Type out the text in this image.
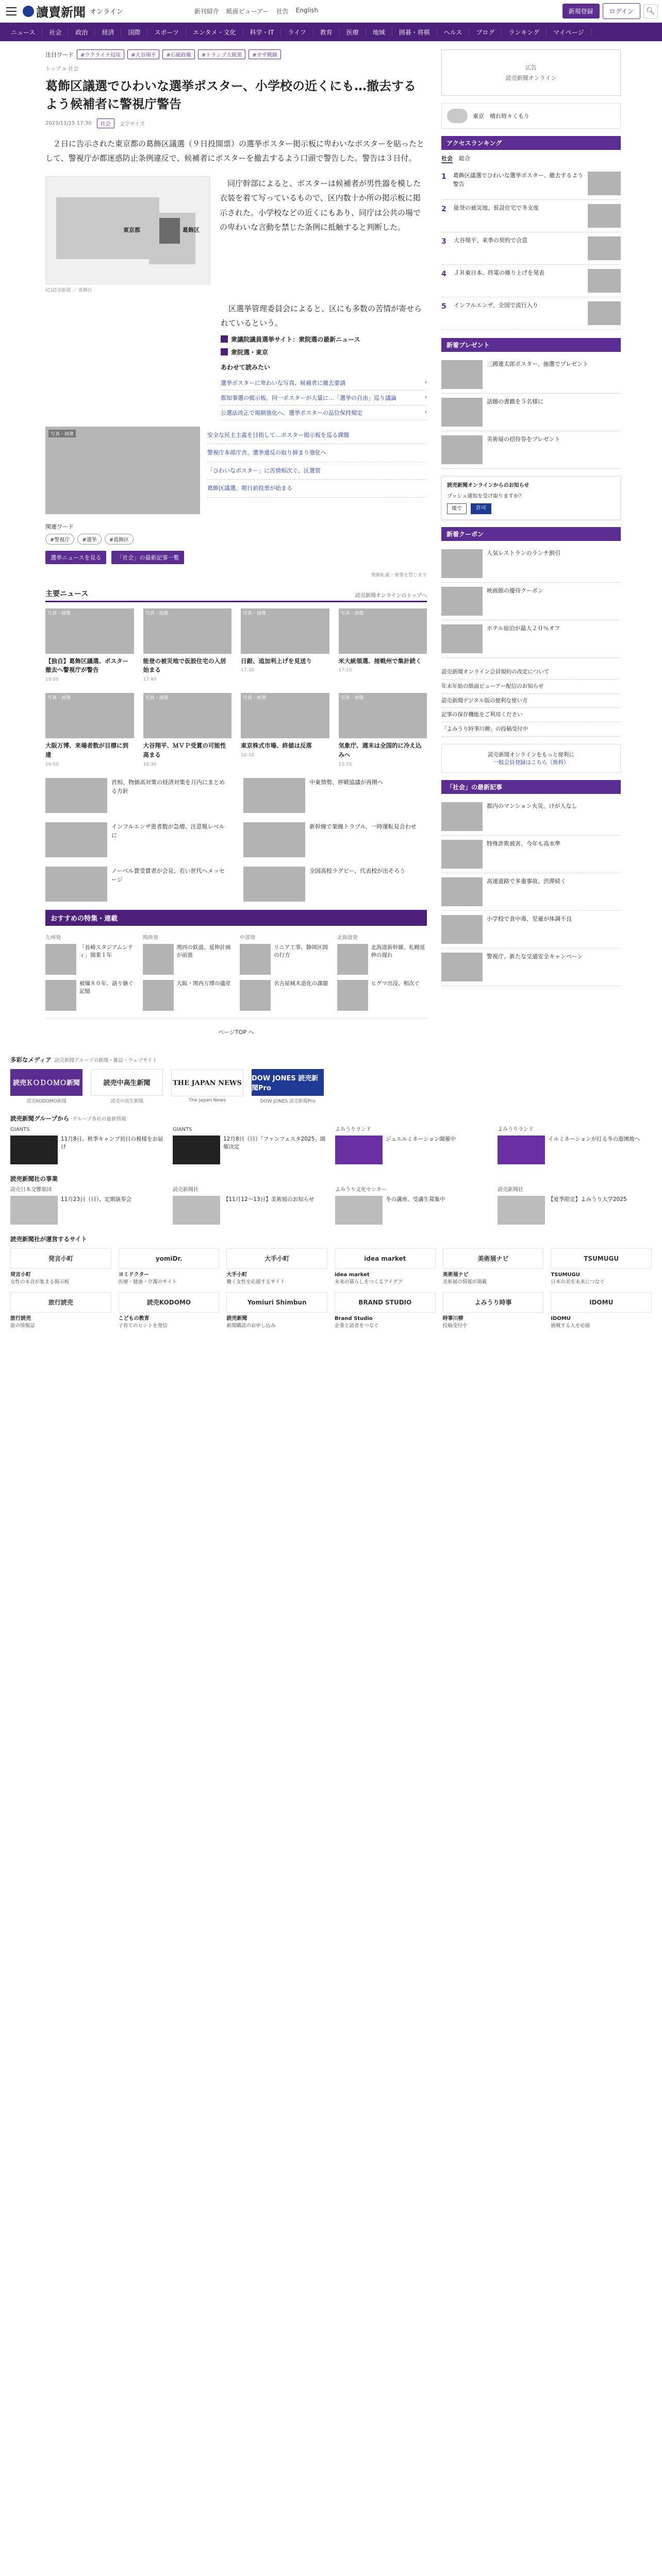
讀賣新聞 オンライン	新刊紹介 紙面ビューアー 社告 English	新規登録	ログイン	🔍︎
ニュース	社会	政治	経済	国際	スポーツ	エンタメ・文化	科学・IT	ライフ	教育	医療	地域	囲碁・将棋	ヘルス	ブログ	ランキング	マイページ
注目ワード	#ウクライナ侵攻	#大谷翔平	#石破政権	#トランプ大統領	#ガザ戦闘
トップ > 社会
葛飾区議選でひわいな選挙ポスター、小学校の近くにも…撤去するよう候補者に警視庁警告
2023/11/15 17:30	社会	文字サイズ

　２日に告示された東京都の葛飾区議選（９日投開票）の選挙ポスター掲示板に卑わいなポスターを貼ったとして、警視庁が都迷惑防止条例違反で、候補者にポスターを撤去するよう口頭で警告した。警告は３日付。

東京都	葛飾区
(C)読売新聞 ／ 葛飾区

　同庁幹部によると、ポスターは候補者が男性器を模した衣装を着て写っているもので、区内数十か所の掲示板に掲示された。小学校などの近くにもあり、同庁は公共の場での卑わいな言動を禁じた条例に抵触すると判断した。

　区選挙管理委員会によると、区にも多数の苦情が寄せられているという。

衆議院議員選挙サイト：衆院選の最新ニュース
衆院選・東京
あわせて読みたい
選挙ポスターに卑わいな写真、候補者に撤去要請	›
都知事選の掲示板、同一ポスターが大量に…「選挙の自由」巡り議論	›
公選法改正で規制強化へ、選挙ポスターの品位保持規定	›
写真・画像	安全な民主主義を目指して…ポスター掲示板を巡る課題
警視庁本部庁舎、選挙違反の取り締まり強化へ
「ひわいなポスター」に苦情相次ぐ、区選管
葛飾区議選、期日前投票が始まる
関連ワード
#警視庁	#選挙	#葛飾区
選挙ニュースを見る	「社会」の最新記事一覧
無断転載・複製を禁じます
主要ニュース	読売新聞オンラインのトップへ
写真・画像
【独自】葛飾区議選、ポスター撤去へ警視庁が警告
18:00
写真・画像
能登の被災地で仮設住宅の入居始まる
17:40
写真・画像
日銀、追加利上げを見送り
17:30
写真・画像
米大統領選、接戦州で集計続く
17:15
写真・画像
大阪万博、来場者数が目標に到達
16:50
写真・画像
大谷翔平、ＭＶＰ受賞の可能性高まる
16:30
写真・画像
東京株式市場、終値は反落
16:10
写真・画像
気象庁、週末は全国的に冷え込みへ
15:55
首相、物価高対策の経済対策を月内にまとめる方針
中東情勢、停戦協議が再開へ
インフルエンザ患者数が急増、注意報レベルに
新幹線で架線トラブル、一時運転見合わせ
ノーベル賞受賞者が会見、若い世代へメッセージ
全国高校ラグビー、代表校が出そろう
おすすめの特集・連載
九州発
「長崎スタジアムシティ」開業１年
被爆８０年、語り継ぐ記憶
関西発
関西の鉄道、延伸計画が前進
大阪・関西万博の遺産
中部発
リニア工事、静岡区間の行方
名古屋城木造化の課題
北海道発
北海道新幹線、札幌延伸の遅れ
ヒグマ出没、相次ぐ
ページTOP へ
広告
読売新聞オンライン
東京　晴れ時々くもり
アクセスランキング
社会 総合
1	葛飾区議選でひわいな選挙ポスター、撤去するよう警告
2	能登の被災地、仮設住宅で冬支度
3	大谷翔平、来季の契約で合意
4	ＪＲ東日本、終電の繰り上げを発表
5	インフルエンザ、全国で流行入り
新着プレゼント
三國連太郎ポスター、抽選でプレゼント
話題の書籍を５名様に
美術展の招待券をプレゼント
読売新聞オンラインからのお知らせ
プッシュ通知を受け取りますか？
後で	許可
新着クーポン
人気レストランのランチ割引
映画館の優待クーポン
ホテル宿泊が最大２０％オフ
読売新聞オンライン会員規約の改定について
年末年始の紙面ビューアー配信のお知らせ
読売新聞デジタル版の便利な使い方
記事の保存機能をご利用ください
「よみうり時事川柳」の投稿受付中
読売新聞オンラインをもっと便利に
一般会員登録はこちら（無料）
「社会」の最新記事
都内のマンション火災、けが人なし
特殊詐欺被害、今年も高水準
高速道路で多重事故、渋滞続く
小学校で食中毒、児童が体調不良
警視庁、新たな交通安全キャンペーン
多彩なメディア 読売新聞グループの新聞・雑誌・ウェブサイト
読売ＫＯＤＯＭＯ新聞
読売KODOMO新聞
読売中高生新聞
読売中高生新聞
THE JAPAN NEWS
The Japan News
DOW JONES 読売新聞Pro
DOW JONES 読売新聞Pro
読売新聞グループから グループ各社の最新情報
GIANTS
11月8日、秋季キャンプ初日の模様をお届け
GIANTS
12月8日（日）「ファンフェスタ2025」開催決定
よみうりランド
ジュエルミネーション開催中
よみうりランド
イルミネーションが灯る冬の遊園地へ
読売新聞社の事業
読売日本交響楽団
11月23日（日）、定期演奏会
読売新聞社
【11月12〜13日】美術展のお知らせ
よみうり文化センター
冬の講座、受講生募集中
読売新聞社
【夏季限定】よみうり大学2025
読売新聞社が運営するサイト
発言小町
発言小町
女性の本音が集まる掲示板
yomiDr.
ヨミドクター
医療・健康・介護のサイト
大手小町
大手小町
働く女性を応援するサイト
idea market
idea market
未来の暮らしをつくるアイデア
美術展ナビ
美術展ナビ
美術展の情報が満載
TSUMUGU
TSUMUGU
日本の美を未来につなぐ
旅行読売
旅行読売
旅の情報誌
読売KODOMO
こどもの教育
子育てのヒントを発信
Yomiuri Shimbun
読売新聞
新聞購読のお申し込み
BRAND STUDIO
Brand Studio
企業と読者をつなぐ
よみうり時事
時事川柳
投稿受付中
IDOMU
IDOMU
挑戦する人を応援
